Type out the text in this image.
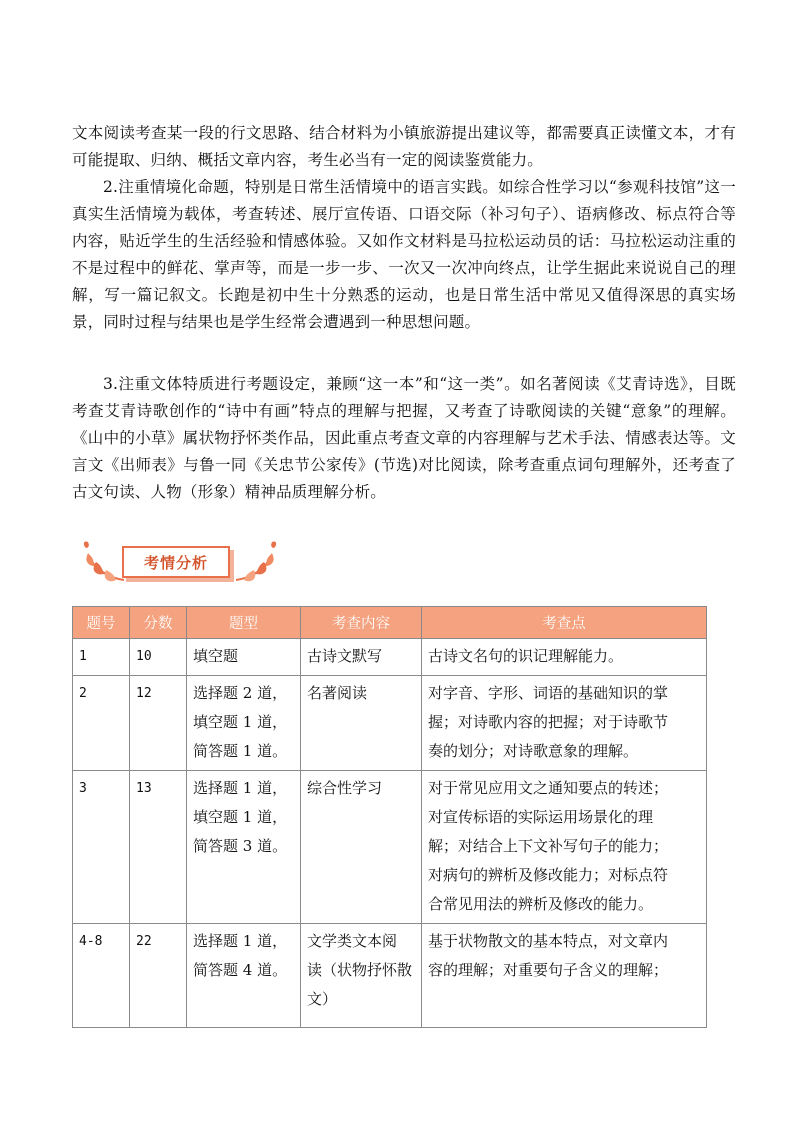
文本阅读考查某一段的行文思路、结合材料为小镇旅游提出建议等，都需要真正读懂文本，才有可能提取、归纳、概括文章内容，考生必当有一定的阅读鉴赏能力。

2.注重情境化命题，特别是日常生活情境中的语言实践。如综合性学习以“参观科技馆”这一真实生活情境为载体，考查转述、展厅宣传语、口语交际（补习句子）、语病修改、标点符合等内容，贴近学生的生活经验和情感体验。又如作文材料是马拉松运动员的话：马拉松运动注重的不是过程中的鲜花、掌声等，而是一步一步、一次又一次冲向终点，让学生据此来说说自己的理解，写一篇记叙文。长跑是初中生十分熟悉的运动，也是日常生活中常见又值得深思的真实场景，同时过程与结果也是学生经常会遭遇到一种思想问题。

3.注重文体特质进行考题设定，兼顾“这一本”和“这一类”。如名著阅读《艾青诗选》，目既考查艾青诗歌创作的“诗中有画”特点的理解与把握，又考查了诗歌阅读的关键“意象”的理解。《山中的小草》属状物抒怀类作品，因此重点考查文章的内容理解与艺术手法、情感表达等。文言文《出师表》与鲁一同《关忠节公家传》(节选)对比阅读，除考查重点词句理解外，还考查了古文句读、人物（形象）精神品质理解分析。

考情分析
题号	分数	题型	考查内容	考查点
1	10	填空题	古诗文默写	古诗文名句的识记理解能力。

2	12	选择题 2 道，
填空题 1 道，
简答题 1 道。	名著阅读	对字音、字形、词语的基础知识的掌
握；对诗歌内容的把握；对于诗歌节
奏的划分；对诗歌意象的理解。

3	13	选择题 1 道，
填空题 1 道，
简答题 3 道。	综合性学习	对于常见应用文之通知要点的转述；
对宣传标语的实际运用场景化的理
解；对结合上下文补写句子的能力；
对病句的辨析及修改能力；对标点符
合常见用法的辨析及修改的能力。

4-8	22	选择题 1 道，
简答题 4 道。	文学类文本阅
读（状物抒怀散
文）	基于状物散文的基本特点，对文章内
容的理解；对重要句子含义的理解；
